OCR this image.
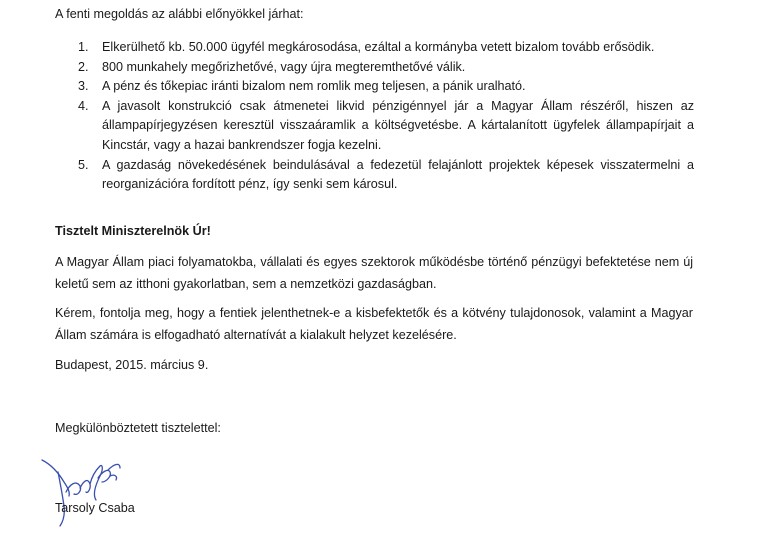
A fenti megoldás az alábbi előnyökkel járhat:
1. Elkerülhető kb. 50.000 ügyfél megkárosodása, ezáltal a kormányba vetett bizalom tovább erősödik.
2. 800 munkahely megőrizhetővé, vagy újra megteremthetővé válik.
3. A pénz és tőkepiac iránti bizalom nem romlik meg teljesen, a pánik uralható.
4. A javasolt konstrukció csak átmenetei likvid pénzigénnyel jár a Magyar Állam részéről, hiszen az állampapírjegyzésen keresztül visszaáramlik a költségvetésbe. A kártalanított ügyfelek állampapírjait a Kincstár, vagy a hazai bankrendszer fogja kezelni.
5. A gazdaság növekedésének beindulásával a fedezetül felajánlott projektek képesek visszatermelni a reorganizációra fordított pénz, így senki sem károsul.
Tisztelt Miniszterelnök Úr!

A Magyar Állam piaci folyamatokba, vállalati és egyes szektorok működésbe történő pénzügyi befektetése nem új keletű sem az itthoni gyakorlatban, sem a nemzetközi gazdaságban.

Kérem, fontolja meg, hogy a fentiek jelenthetnek-e a kisbefektetők és a kötvény tulajdonosok, valamint a Magyar Állam számára is elfogadható alternatívát a kialakult helyzet kezelésére.

Budapest, 2015. március 9.
Megkülönböztetett tisztelettel:
Tarsoly Csaba
